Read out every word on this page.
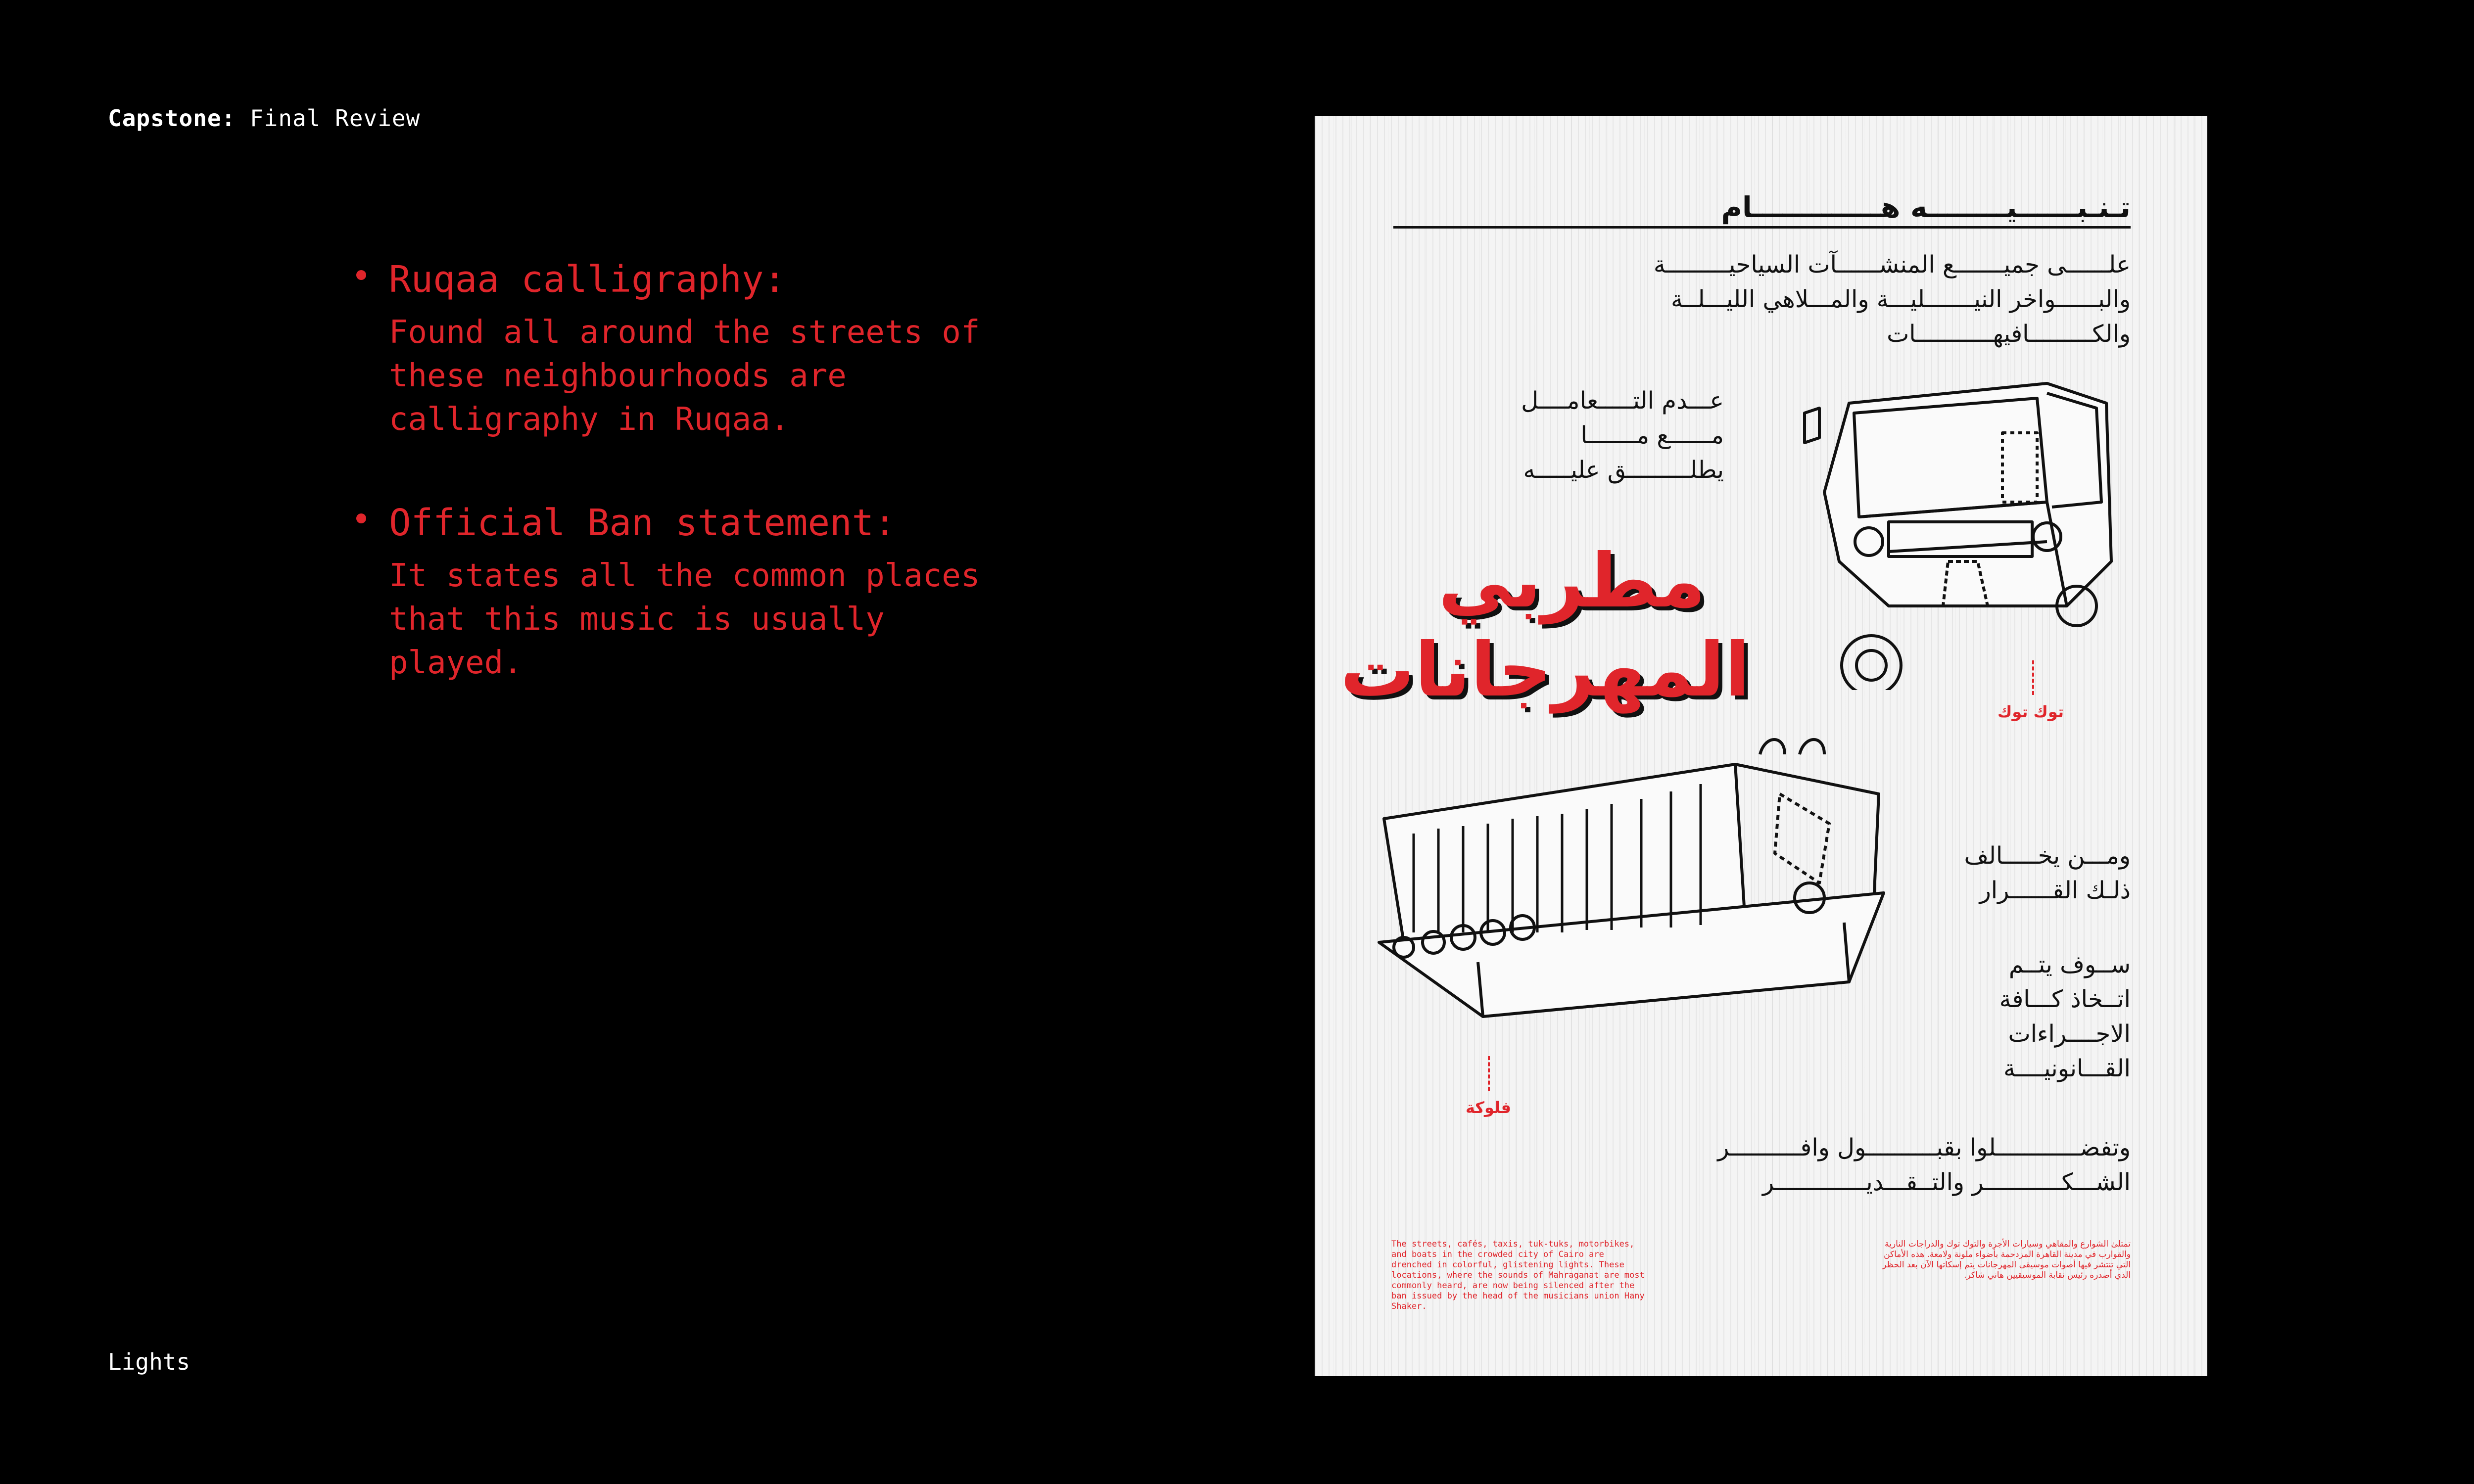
Capstone: Final Review
Ruqaa calligraphy:
Found all around the streets of these neighbourhoods are calligraphy in Ruqaa.
Official Ban statement:
It states all the common places that this music is usually played.
تـنـبــــــيــــــــه هـــــــــــــام
علــــــى جميـــــــع المنشــــــآت السياحيـــــــــة
والبــــــواخر النيـــــــليـــة والمـــلاهي الليـــلــة
والكـــــــــافيهـــــــــــات
عـــدم التـــــعامــــل
مــــــع مـــــــا
يطلـــــــــق عليـــــه
مطربي
المهرجانات	توك توك
فلوكة
ومـــن يخـــــالف
ذلـك القــــــرار
ســوف يتــم
اتــخاذ كـــافة
الاجــــراءات
القـــانونيــــة
وتفضــــــــــــلوا بقبــــــــــول وافــــــــــر
الشـــكـــــــــــر والتــقـــديـــــــــــــر
The streets, cafés, taxis, tuk-tuks, motorbikes, and boats in the crowded city of Cairo are drenched in colorful, glistening lights. These locations, where the sounds of Mahraganat are most commonly heard, are now being silenced after the ban issued by the head of the musicians union Hany Shaker.
تمتلئ الشوارع والمقاهي وسيارات الأجرة والتوك توك والدراجات النارية والقوارب في مدينة القاهرة المزدحمة بأضواء ملونة ولامعة. هذه الأماكن التي تنتشر فيها أصوات موسيقى المهرجانات يتم إسكاتها الآن بعد الحظر الذي أصدره رئيس نقابة الموسيقيين هاني شاكر.
Lights
